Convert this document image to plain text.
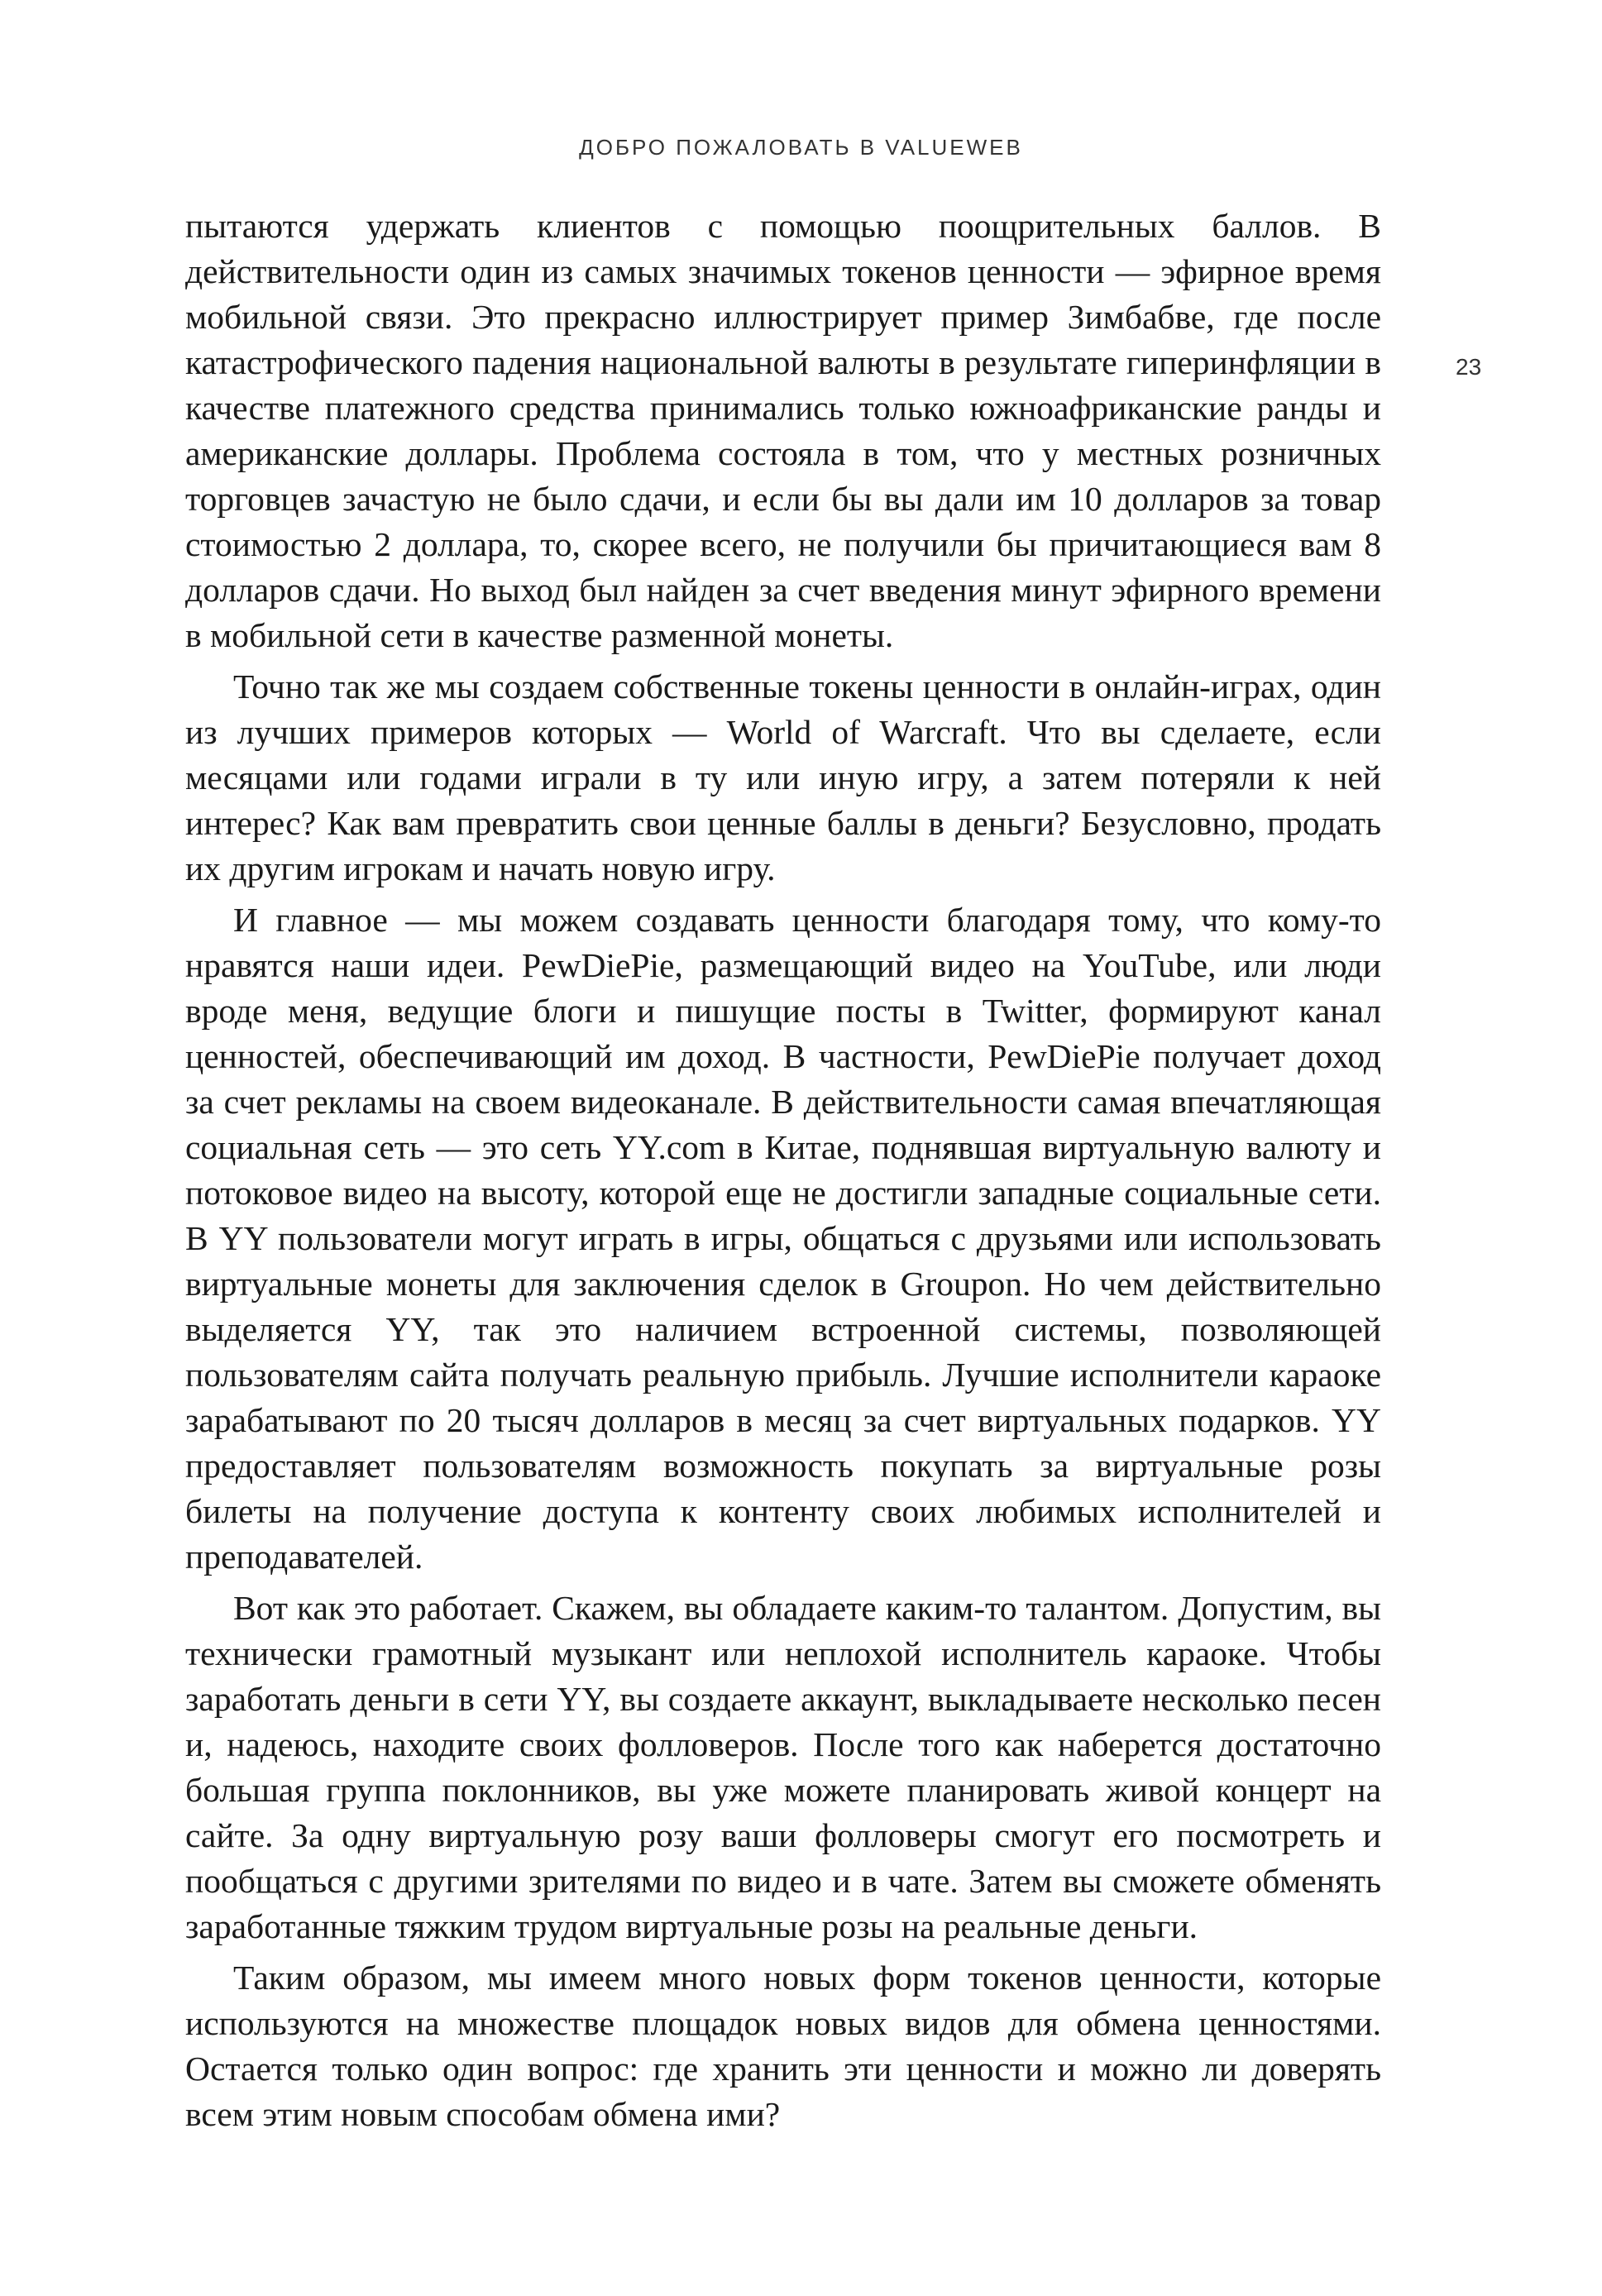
ДОБРО ПОЖАЛОВАТЬ В VALUEWEB
23

пытаются удержать клиентов с помощью поощрительных баллов. В действительности один из самых значимых токенов ценности — эфирное время мобильной связи. Это прекрасно иллюстрирует пример Зимбабве, где после катастрофического падения национальной валюты в результате гиперинфляции в качестве платежного средства принимались только южноафриканские ранды и американские доллары. Проблема состояла в том, что у местных розничных торговцев зачастую не было сдачи, и если бы вы дали им 10 долларов за товар стоимостью 2 доллара, то, скорее всего, не получили бы причитающиеся вам 8 долларов сдачи. Но выход был найден за счет введения минут эфирного времени в мобильной сети в качестве разменной монеты.

Точно так же мы создаем собственные токены ценности в онлайн-играх, один из лучших примеров которых — World of Warcraft. Что вы сделаете, если месяцами или годами играли в ту или иную игру, а затем потеряли к ней интерес? Как вам превратить свои ценные баллы в деньги? Безусловно, продать их другим игрокам и начать новую игру.

И главное — мы можем создавать ценности благодаря тому, что кому-то нравятся наши идеи. PewDiePie, размещающий видео на YouTube, или люди вроде меня, ведущие блоги и пишущие посты в Twitter, формируют канал ценностей, обеспечивающий им доход. В частности, PewDiePie получает доход за счет рекламы на своем видеоканале. В действительности самая впечатляющая социальная сеть — это сеть YY.com в Китае, поднявшая виртуальную валюту и потоковое видео на высоту, которой еще не достигли западные социальные сети. В YY пользователи могут играть в игры, общаться с друзьями или использовать виртуальные монеты для заключения сделок в Groupon. Но чем действительно выделяется YY, так это наличием встроенной системы, позволяющей пользователям сайта получать реальную прибыль. Лучшие исполнители караоке зарабатывают по 20 тысяч долларов в месяц за счет виртуальных подарков. YY предоставляет пользователям возможность покупать за виртуальные розы билеты на получение доступа к контенту своих любимых исполнителей и преподавателей.

Вот как это работает. Скажем, вы обладаете каким-то талантом. Допустим, вы технически грамотный музыкант или неплохой исполнитель караоке. Чтобы заработать деньги в сети YY, вы создаете аккаунт, выкладываете несколько песен и, надеюсь, находите своих фолловеров. После того как наберется достаточно большая группа поклонников, вы уже можете планировать живой концерт на сайте. За одну виртуальную розу ваши фолловеры смогут его посмотреть и пообщаться с другими зрителями по видео и в чате. Затем вы сможете обменять заработанные тяжким трудом виртуальные розы на реальные деньги.

Таким образом, мы имеем много новых форм токенов ценности, которые используются на множестве площадок новых видов для обмена ценностями. Остается только один вопрос: где хранить эти ценности и можно ли доверять всем этим новым способам обмена ими?
